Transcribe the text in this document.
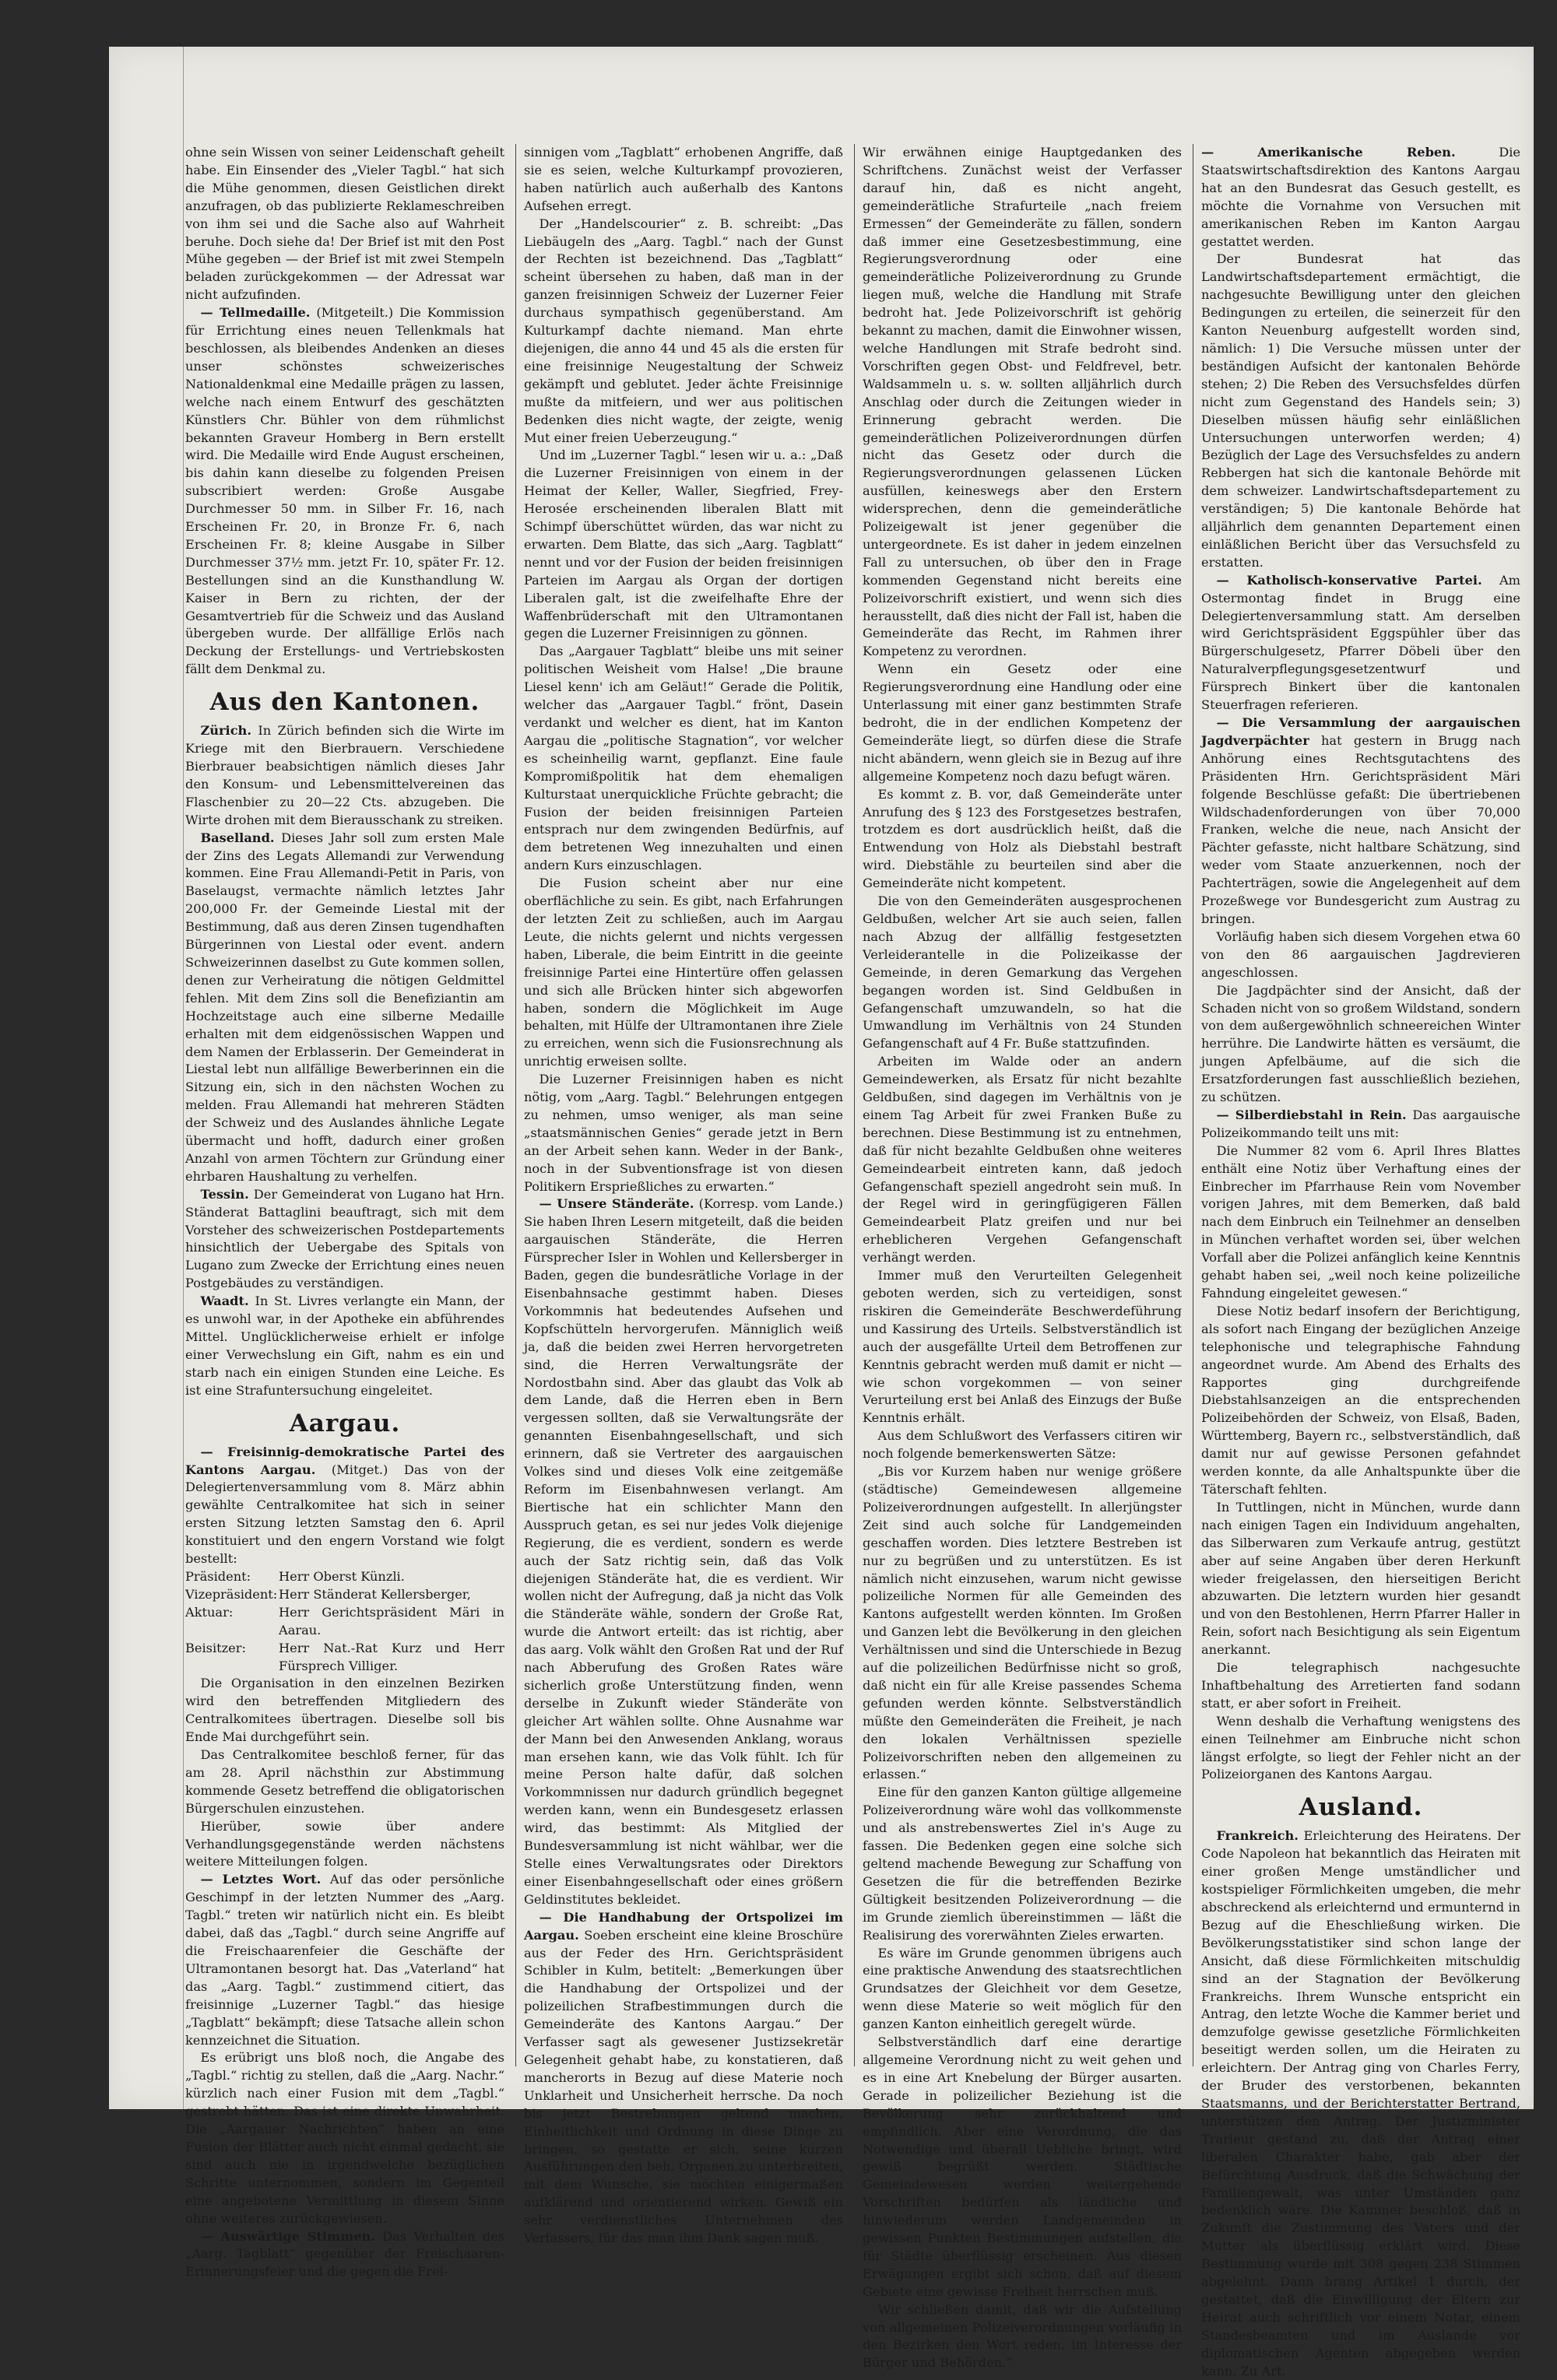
ohne sein Wissen von seiner Leidenschaft geheilt habe. Ein Einsender des „Vieler Tagbl.“ hat sich die Mühe genommen, diesen Geistlichen direkt anzufragen, ob das publizierte Reklameschreiben von ihm sei und die Sache also auf Wahrheit beruhe. Doch siehe da! Der Brief ist mit den Post Mühe gegeben — der Brief ist mit zwei Stempeln beladen zurückgekommen — der Adressat war nicht aufzufinden.

— Tellmedaille. (Mitgeteilt.) Die Kommission für Errichtung eines neuen Tellenkmals hat beschlossen, als bleibendes Andenken an dieses unser schönstes schweizerisches Nationaldenkmal eine Medaille prägen zu lassen, welche nach einem Entwurf des geschätzten Künstlers Chr. Bühler von dem rühmlichst bekannten Graveur Homberg in Bern erstellt wird. Die Medaille wird Ende August erscheinen, bis dahin kann dieselbe zu folgenden Preisen subscribiert werden: Große Ausgabe Durchmesser 50 mm. in Silber Fr. 16, nach Erscheinen Fr. 20, in Bronze Fr. 6, nach Erscheinen Fr. 8; kleine Ausgabe in Silber Durchmesser 37½ mm. jetzt Fr. 10, später Fr. 12. Bestellungen sind an die Kunsthandlung W. Kaiser in Bern zu richten, der der Gesamtvertrieb für die Schweiz und das Ausland übergeben wurde. Der allfällige Erlös nach Deckung der Erstellungs- und Vertriebskosten fällt dem Denkmal zu.

Aus den Kantonen.

Zürich. In Zürich befinden sich die Wirte im Kriege mit den Bierbrauern. Verschiedene Bierbrauer beabsichtigen nämlich dieses Jahr den Konsum- und Lebensmittelvereinen das Flaschenbier zu 20—22 Cts. abzugeben. Die Wirte drohen mit dem Bierausschank zu streiken.

Baselland. Dieses Jahr soll zum ersten Male der Zins des Legats Allemandi zur Verwendung kommen. Eine Frau Allemandi-Petit in Paris, von Baselaugst, vermachte nämlich letztes Jahr 200,000 Fr. der Gemeinde Liestal mit der Bestimmung, daß aus deren Zinsen tugendhaften Bürgerinnen von Liestal oder event. andern Schweizerinnen daselbst zu Gute kommen sollen, denen zur Verheiratung die nötigen Geldmittel fehlen. Mit dem Zins soll die Benefiziantin am Hochzeitstage auch eine silberne Medaille erhalten mit dem eidgenössischen Wappen und dem Namen der Erblasserin. Der Gemeinderat in Liestal lebt nun allfällige Bewerberinnen ein die Sitzung ein, sich in den nächsten Wochen zu melden. Frau Allemandi hat mehreren Städten der Schweiz und des Auslandes ähnliche Legate übermacht und hofft, dadurch einer großen Anzahl von armen Töchtern zur Gründung einer ehrbaren Haushaltung zu verhelfen.

Tessin. Der Gemeinderat von Lugano hat Hrn. Ständerat Battaglini beauftragt, sich mit dem Vorsteher des schweizerischen Postdepartements hinsichtlich der Uebergabe des Spitals von Lugano zum Zwecke der Errichtung eines neuen Postgebäudes zu verständigen.

Waadt. In St. Livres verlangte ein Mann, der es unwohl war, in der Apotheke ein abführendes Mittel. Unglücklicherweise erhielt er infolge einer Verwechslung ein Gift, nahm es ein und starb nach ein einigen Stunden eine Leiche. Es ist eine Strafuntersuchung eingeleitet.

Aargau.

— Freisinnig-demokratische Partei des Kantons Aargau. (Mitget.) Das von der Delegiertenversammlung vom 8. März abhin gewählte Centralkomitee hat sich in seiner ersten Sitzung letzten Samstag den 6. April konstituiert und den engern Vorstand wie folgt bestellt:

Präsident:	Herr Oberst Künzli.
Vizepräsident: Herr Ständerat Kellersberger,
Aktuar:	Herr Gerichtspräsident Märi in Aarau.
Beisitzer:	Herr Nat.-Rat Kurz und Herr Fürsprech Villiger.

Die Organisation in den einzelnen Bezirken wird den betreffenden Mitgliedern des Centralkomitees übertragen. Dieselbe soll bis Ende Mai durchgeführt sein.

Das Centralkomitee beschloß ferner, für das am 28. April nächsthin zur Abstimmung kommende Gesetz betreffend die obligatorischen Bürgerschulen einzustehen.

Hierüber, sowie über andere Verhandlungsgegenstände werden nächstens weitere Mitteilungen folgen.

— Letztes Wort. Auf das oder persönliche Geschimpf in der letzten Nummer des „Aarg. Tagbl.“ treten wir natürlich nicht ein. Es bleibt dabei, daß das „Tagbl.“ durch seine Angriffe auf die Freischaarenfeier die Geschäfte der Ultramontanen besorgt hat. Das „Vaterland“ hat das „Aarg. Tagbl.“ zustimmend citiert, das freisinnige „Luzerner Tagbl.“ das hiesige „Tagblatt“ bekämpft; diese Tatsache allein schon kennzeichnet die Situation.

Es erübrigt uns bloß noch, die Angabe des „Tagbl.“ richtig zu stellen, daß die „Aarg. Nachr.“ kürzlich nach einer Fusion mit dem „Tagbl.“ gestrebt hätten. Das ist eine direkte Unwahrheit. Die „Aargauer Nachrichten“ haben an eine Fusion der Blätter auch nicht einmal gedacht, sie sind auch nie in irgendwelche bezüglichen Schritte unternommen, sondern im Gegenteil eine angebotene Vermittlung in diesem Sinne ohne weiteres zurückgewiesen.

— Auswärtige Stimmen. Das Verhalten des „Aarg. Tagblatt“ gegenüber der Freischaaren-Erinnerungsfeier und die gegen die Frei-

sinnigen vom „Tagblatt“ erhobenen Angriffe, daß sie es seien, welche Kulturkampf provozieren, haben natürlich auch außerhalb des Kantons Aufsehen erregt.

Der „Handelscourier“ z. B. schreibt: „Das Liebäugeln des „Aarg. Tagbl.“ nach der Gunst der Rechten ist bezeichnend. Das „Tagblatt“ scheint übersehen zu haben, daß man in der ganzen freisinnigen Schweiz der Luzerner Feier durchaus sympathisch gegenüberstand. Am Kulturkampf dachte niemand. Man ehrte diejenigen, die anno 44 und 45 als die ersten für eine freisinnige Neugestaltung der Schweiz gekämpft und geblutet. Jeder ächte Freisinnige mußte da mitfeiern, und wer aus politischen Bedenken dies nicht wagte, der zeigte, wenig Mut einer freien Ueberzeugung.“

Und im „Luzerner Tagbl.“ lesen wir u. a.: „Daß die Luzerner Freisinnigen von einem in der Heimat der Keller, Waller, Siegfried, Frey-Herosée erscheinenden liberalen Blatt mit Schimpf überschüttet würden, das war nicht zu erwarten. Dem Blatte, das sich „Aarg. Tagblatt“ nennt und vor der Fusion der beiden freisinnigen Parteien im Aargau als Organ der dortigen Liberalen galt, ist die zweifelhafte Ehre der Waffenbrüderschaft mit den Ultramontanen gegen die Luzerner Freisinnigen zu gönnen.

Das „Aargauer Tagblatt“ bleibe uns mit seiner politischen Weisheit vom Halse! „Die braune Liesel kenn' ich am Geläut!“ Gerade die Politik, welcher das „Aargauer Tagbl.“ frönt, Dasein verdankt und welcher es dient, hat im Kanton Aargau die „politische Stagnation“, vor welcher es scheinheilig warnt, gepflanzt. Eine faule Kompromißpolitik hat dem ehemaligen Kulturstaat unerquickliche Früchte gebracht; die Fusion der beiden freisinnigen Parteien entsprach nur dem zwingenden Bedürfnis, auf dem betretenen Weg innezuhalten und einen andern Kurs einzuschlagen.

Die Fusion scheint aber nur eine oberflächliche zu sein. Es gibt, nach Erfahrungen der letzten Zeit zu schließen, auch im Aargau Leute, die nichts gelernt und nichts vergessen haben, Liberale, die beim Eintritt in die geeinte freisinnige Partei eine Hintertüre offen gelassen und sich alle Brücken hinter sich abgeworfen haben, sondern die Möglichkeit im Auge behalten, mit Hülfe der Ultramontanen ihre Ziele zu erreichen, wenn sich die Fusionsrechnung als unrichtig erweisen sollte.

Die Luzerner Freisinnigen haben es nicht nötig, vom „Aarg. Tagbl.“ Belehrungen entgegen zu nehmen, umso weniger, als man seine „staatsmännischen Genies“ gerade jetzt in Bern an der Arbeit sehen kann. Weder in der Bank-, noch in der Subventionsfrage ist von diesen Politikern Ersprießliches zu erwarten.“

— Unsere Ständeräte. (Korresp. vom Lande.) Sie haben Ihren Lesern mitgeteilt, daß die beiden aargauischen Ständeräte, die Herren Fürsprecher Isler in Wohlen und Kellersberger in Baden, gegen die bundesrätliche Vorlage in der Eisenbahnsache gestimmt haben. Dieses Vorkommnis hat bedeutendes Aufsehen und Kopfschütteln hervorgerufen. Männiglich weiß ja, daß die beiden zwei Herren hervorgetreten sind, die Herren Verwaltungsräte der Nordostbahn sind. Aber das glaubt das Volk ab dem Lande, daß die Herren eben in Bern vergessen sollten, daß sie Verwaltungsräte der genannten Eisenbahngesellschaft, und sich erinnern, daß sie Vertreter des aargauischen Volkes sind und dieses Volk eine zeitgemäße Reform im Eisenbahnwesen verlangt. Am Biertische hat ein schlichter Mann den Ausspruch getan, es sei nur jedes Volk diejenige Regierung, die es verdient, sondern es werde auch der Satz richtig sein, daß das Volk diejenigen Ständeräte hat, die es verdient. Wir wollen nicht der Aufregung, daß ja nicht das Volk die Ständeräte wähle, sondern der Große Rat, wurde die Antwort erteilt: das ist richtig, aber das aarg. Volk wählt den Großen Rat und der Ruf nach Abberufung des Großen Rates wäre sicherlich große Unterstützung finden, wenn derselbe in Zukunft wieder Ständeräte von gleicher Art wählen sollte. Ohne Ausnahme war der Mann bei den Anwesenden Anklang, woraus man ersehen kann, wie das Volk fühlt. Ich für meine Person halte dafür, daß solchen Vorkommnissen nur dadurch gründlich begegnet werden kann, wenn ein Bundesgesetz erlassen wird, das bestimmt: Als Mitglied der Bundesversammlung ist nicht wählbar, wer die Stelle eines Verwaltungsrates oder Direktors einer Eisenbahngesellschaft oder eines größern Geldinstitutes bekleidet.

— Die Handhabung der Ortspolizei im Aargau. Soeben erscheint eine kleine Broschüre aus der Feder des Hrn. Gerichtspräsident Schibler in Kulm, betitelt: „Bemerkungen über die Handhabung der Ortspolizei und der polizeilichen Strafbestimmungen durch die Gemeinderäte des Kantons Aargau.“ Der Verfasser sagt als gewesener Justizsekretär Gelegenheit gehabt habe, zu konstatieren, daß mancherorts in Bezug auf diese Materie noch Unklarheit und Unsicherheit herrsche. Da noch bis jetzt Bestrebungen geltend machen, Einheitlichkeit und Ordnung in diese Dinge zu bringen, so gestatte er sich, seine kurzen Ausführungen den beh. Organen zu unterbreiten, mit dem Wunsche, sie möchten einigermaßen aufklärend und orientierend wirken. Gewiß ein sehr verdienstliches Unternehmen des Verfassers, für das man ihm Dank sagen muß.

Wir erwähnen einige Hauptgedanken des Schriftchens. Zunächst weist der Verfasser darauf hin, daß es nicht angeht, gemeinderätliche Strafurteile „nach freiem Ermessen“ der Gemeinderäte zu fällen, sondern daß immer eine Gesetzesbestimmung, eine Regierungsverordnung oder eine gemeinderätliche Polizeiverordnung zu Grunde liegen muß, welche die Handlung mit Strafe bedroht hat. Jede Polizeivorschrift ist gehörig bekannt zu machen, damit die Einwohner wissen, welche Handlungen mit Strafe bedroht sind. Vorschriften gegen Obst- und Feldfrevel, betr. Waldsammeln u. s. w. sollten alljährlich durch Anschlag oder durch die Zeitungen wieder in Erinnerung gebracht werden. Die gemeinderätlichen Polizeiverordnungen dürfen nicht das Gesetz oder durch die Regierungsverordnungen gelassenen Lücken ausfüllen, keineswegs aber den Erstern widersprechen, denn die gemeinderätliche Polizeigewalt ist jener gegenüber die untergeordnete. Es ist daher in jedem einzelnen Fall zu untersuchen, ob über den in Frage kommenden Gegenstand nicht bereits eine Polizeivorschrift existiert, und wenn sich dies herausstellt, daß dies nicht der Fall ist, haben die Gemeinderäte das Recht, im Rahmen ihrer Kompetenz zu verordnen.

Wenn ein Gesetz oder eine Regierungsverordnung eine Handlung oder eine Unterlassung mit einer ganz bestimmten Strafe bedroht, die in der endlichen Kompetenz der Gemeinderäte liegt, so dürfen diese die Strafe nicht abändern, wenn gleich sie in Bezug auf ihre allgemeine Kompetenz noch dazu befugt wären.

Es kommt z. B. vor, daß Gemeinderäte unter Anrufung des § 123 des Forstgesetzes bestrafen, trotzdem es dort ausdrücklich heißt, daß die Entwendung von Holz als Diebstahl bestraft wird. Diebstähle zu beurteilen sind aber die Gemeinderäte nicht kompetent.

Die von den Gemeinderäten ausgesprochenen Geldbußen, welcher Art sie auch seien, fallen nach Abzug der allfällig festgesetzten Verleiderantelle in die Polizeikasse der Gemeinde, in deren Gemarkung das Vergehen begangen worden ist. Sind Geldbußen in Gefangenschaft umzuwandeln, so hat die Umwandlung im Verhältnis von 24 Stunden Gefangenschaft auf 4 Fr. Buße stattzufinden.

Arbeiten im Walde oder an andern Gemeindewerken, als Ersatz für nicht bezahlte Geldbußen, sind dagegen im Verhältnis von je einem Tag Arbeit für zwei Franken Buße zu berechnen. Diese Bestimmung ist zu entnehmen, daß für nicht bezahlte Geldbußen ohne weiteres Gemeindearbeit eintreten kann, daß jedoch Gefangenschaft speziell angedroht sein muß. In der Regel wird in geringfügigeren Fällen Gemeindearbeit Platz greifen und nur bei erheblicheren Vergehen Gefangenschaft verhängt werden.

Immer muß den Verurteilten Gelegenheit geboten werden, sich zu verteidigen, sonst riskiren die Gemeinderäte Beschwerdeführung und Kassirung des Urteils. Selbstverständlich ist auch der ausgefällte Urteil dem Betroffenen zur Kenntnis gebracht werden muß damit er nicht — wie schon vorgekommen — von seiner Verurteilung erst bei Anlaß des Einzugs der Buße Kenntnis erhält.

Aus dem Schlußwort des Verfassers citiren wir noch folgende bemerkenswerten Sätze:

„Bis vor Kurzem haben nur wenige größere (städtische) Gemeindewesen allgemeine Polizeiverordnungen aufgestellt. In allerjüngster Zeit sind auch solche für Landgemeinden geschaffen worden. Dies letztere Bestreben ist nur zu begrüßen und zu unterstützen. Es ist nämlich nicht einzusehen, warum nicht gewisse polizeiliche Normen für alle Gemeinden des Kantons aufgestellt werden könnten. Im Großen und Ganzen lebt die Bevölkerung in den gleichen Verhältnissen und sind die Unterschiede in Bezug auf die polizeilichen Bedürfnisse nicht so groß, daß nicht ein für alle Kreise passendes Schema gefunden werden könnte. Selbstverständlich müßte den Gemeinderäten die Freiheit, je nach den lokalen Verhältnissen spezielle Polizeivorschriften neben den allgemeinen zu erlassen.“

Eine für den ganzen Kanton gültige allgemeine Polizeiverordnung wäre wohl das vollkommenste und als anstrebenswertes Ziel in's Auge zu fassen. Die Bedenken gegen eine solche sich geltend machende Bewegung zur Schaffung von Gesetzen die für die betreffenden Bezirke Gültigkeit besitzenden Polizeiverordnung — die im Grunde ziemlich übereinstimmen — läßt die Realisirung des vorerwähnten Zieles erwarten.

Es wäre im Grunde genommen übrigens auch eine praktische Anwendung des staatsrechtlichen Grundsatzes der Gleichheit vor dem Gesetze, wenn diese Materie so weit möglich für den ganzen Kanton einheitlich geregelt würde.

Selbstverständlich darf eine derartige allgemeine Verordnung nicht zu weit gehen und es in eine Art Knebelung der Bürger ausarten. Gerade in polizeilicher Beziehung ist die Bevölkerung sehr zurückhaltend und empfindlich. Aber eine Verordnung, die das Notwendige und überall Uebliche bringt, wird gewiß begrüßt werden. Städtische Gemeindewesen werden weitergehende Vorschriften bedürfen als ländliche und hinwiederum werden Landgemeinden in gewissen Punkten Bestimmungen aufstellen, die für Städte überflüssig erscheinen. Aus diesen Erwägungen ergibt sich schon, daß auf diesem Gebiete eine gewisse Freiheit herrschen muß.

Wir schließen damit, daß wir die Aufstellung von allgemeinen Polizeiverordnungen vorläufig in den Bezirken den Wort reden, im Interesse der Bürger und Behörden.“

— Amerikanische Reben. Die Staatswirtschaftsdirektion des Kantons Aargau hat an den Bundesrat das Gesuch gestellt, es möchte die Vornahme von Versuchen mit amerikanischen Reben im Kanton Aargau gestattet werden.

Der Bundesrat hat das Landwirtschaftsdepartement ermächtigt, die nachgesuchte Bewilligung unter den gleichen Bedingungen zu erteilen, die seinerzeit für den Kanton Neuenburg aufgestellt worden sind, nämlich: 1) Die Versuche müssen unter der beständigen Aufsicht der kantonalen Behörde stehen; 2) Die Reben des Versuchsfeldes dürfen nicht zum Gegenstand des Handels sein; 3) Dieselben müssen häufig sehr einläßlichen Untersuchungen unterworfen werden; 4) Bezüglich der Lage des Versuchsfeldes zu andern Rebbergen hat sich die kantonale Behörde mit dem schweizer. Landwirtschaftsdepartement zu verständigen; 5) Die kantonale Behörde hat alljährlich dem genannten Departement einen einläßlichen Bericht über das Versuchsfeld zu erstatten.

— Katholisch-konservative Partei. Am Ostermontag findet in Brugg eine Delegiertenversammlung statt. Am derselben wird Gerichtspräsident Eggspühler über das Bürgerschulgesetz, Pfarrer Döbeli über den Naturalverpflegungsgesetzentwurf und Fürsprech Binkert über die kantonalen Steuerfragen referieren.

— Die Versammlung der aargauischen Jagdverpächter hat gestern in Brugg nach Anhörung eines Rechtsgutachtens des Präsidenten Hrn. Gerichtspräsident Märi folgende Beschlüsse gefaßt: Die übertriebenen Wildschadenforderungen von über 70,000 Franken, welche die neue, nach Ansicht der Pächter gefasste, nicht haltbare Schätzung, sind weder vom Staate anzuerkennen, noch der Pachterträgen, sowie die Angelegenheit auf dem Prozeßwege vor Bundesgericht zum Austrag zu bringen.

Vorläufig haben sich diesem Vorgehen etwa 60 von den 86 aargauischen Jagdrevieren angeschlossen.

Die Jagdpächter sind der Ansicht, daß der Schaden nicht von so großem Wildstand, sondern von dem außergewöhnlich schneereichen Winter herrühre. Die Landwirte hätten es versäumt, die jungen Apfelbäume, auf die sich die Ersatzforderungen fast ausschließlich beziehen, zu schützen.

— Silberdiebstahl in Rein. Das aargauische Polizeikommando teilt uns mit:

Die Nummer 82 vom 6. April Ihres Blattes enthält eine Notiz über Verhaftung eines der Einbrecher im Pfarrhause Rein vom November vorigen Jahres, mit dem Bemerken, daß bald nach dem Einbruch ein Teilnehmer an denselben in München verhaftet worden sei, über welchen Vorfall aber die Polizei anfänglich keine Kenntnis gehabt haben sei, „weil noch keine polizeiliche Fahndung eingeleitet gewesen.“

Diese Notiz bedarf insofern der Berichtigung, als sofort nach Eingang der bezüglichen Anzeige telephonische und telegraphische Fahndung angeordnet wurde. Am Abend des Erhalts des Rapportes ging durchgreifende Diebstahlsanzeigen an die entsprechenden Polizeibehörden der Schweiz, von Elsaß, Baden, Württemberg, Bayern rc., selbstverständlich, daß damit nur auf gewisse Personen gefahndet werden konnte, da alle Anhaltspunkte über die Täterschaft fehlten.

In Tuttlingen, nicht in München, wurde dann nach einigen Tagen ein Individuum angehalten, das Silberwaren zum Verkaufe antrug, gestützt aber auf seine Angaben über deren Herkunft wieder freigelassen, den hierseitigen Bericht abzuwarten. Die letztern wurden hier gesandt und von den Bestohlenen, Herrn Pfarrer Haller in Rein, sofort nach Besichtigung als sein Eigentum anerkannt.

Die telegraphisch nachgesuchte Inhaftbehaltung des Arretierten fand sodann statt, er aber sofort in Freiheit.

Wenn deshalb die Verhaftung wenigstens des einen Teilnehmer am Einbruche nicht schon längst erfolgte, so liegt der Fehler nicht an der Polizeiorganen des Kantons Aargau.

Ausland.

Frankreich. Erleichterung des Heiratens. Der Code Napoleon hat bekanntlich das Heiraten mit einer großen Menge umständlicher und kostspieliger Förmlichkeiten umgeben, die mehr abschreckend als erleichternd und ermunternd in Bezug auf die Eheschließung wirken. Die Bevölkerungsstatistiker sind schon lange der Ansicht, daß diese Förmlichkeiten mitschuldig sind an der Stagnation der Bevölkerung Frankreichs. Ihrem Wunsche entspricht ein Antrag, den letzte Woche die Kammer beriet und demzufolge gewisse gesetzliche Förmlichkeiten beseitigt werden sollen, um die Heiraten zu erleichtern. Der Antrag ging von Charles Ferry, der Bruder des verstorbenen, bekannten Staatsmanns, und der Berichterstatter Bertrand, unterstützen den Antrag. Der Justizminister Trarieur gestand zu, daß der Antrag einer liberalen Charakter habe, gab aber der Befürchtung Ausdruck, daß die Schwächung der Familiengewalt, was unter Umständen ganz bedenklich wäre. Die Kammer beschloß, daß in Zukunft die Zustimmung des Vaters und der Mutter als überflüssig erklärt wird. Diese Bestimmung wurde mit 308 gegen 238 Stimmen abgelehnt. Dann brang Artikel 1 durch, der gestattet, daß die Einwilligung der Eltern zur Heirat auch schriftlich vor einem Notar, einem Standesbeamten und im Auslande vor diplomatischen Agenten abgegeben werden kann. Zu Art.
